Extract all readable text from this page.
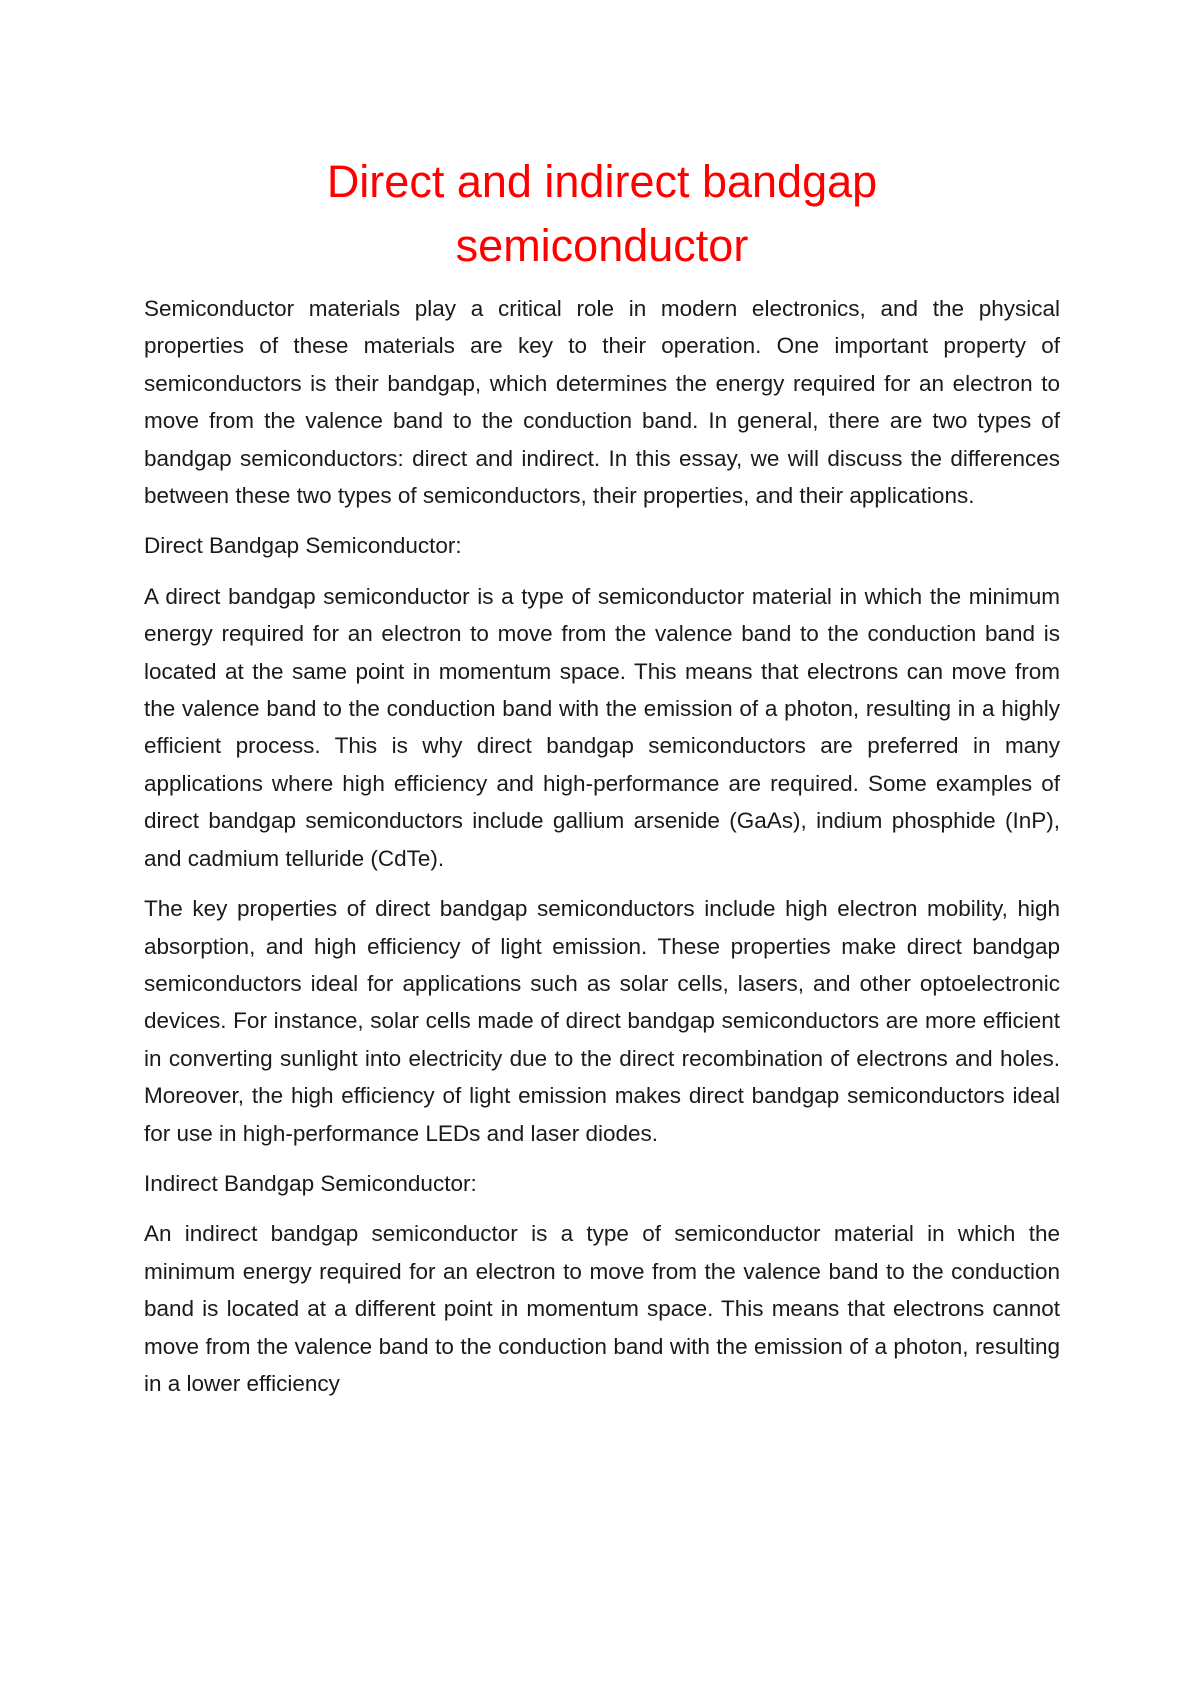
Direct and indirect bandgap
semiconductor

Semiconductor materials play a critical role in modern electronics, and the physical properties of these materials are key to their operation. One important property of semiconductors is their bandgap, which determines the energy required for an electron to move from the valence band to the conduction band. In general, there are two types of bandgap semiconductors: direct and indirect. In this essay, we will discuss the differences between these two types of semiconductors, their properties, and their applications.

Direct Bandgap Semiconductor:

A direct bandgap semiconductor is a type of semiconductor material in which the minimum energy required for an electron to move from the valence band to the conduction band is located at the same point in momentum space. This means that electrons can move from the valence band to the conduction band with the emission of a photon, resulting in a highly efficient process. This is why direct bandgap semiconductors are preferred in many applications where high efficiency and high-performance are required. Some examples of direct bandgap semiconductors include gallium arsenide (GaAs), indium phosphide (InP), and cadmium telluride (CdTe).

The key properties of direct bandgap semiconductors include high electron mobility, high absorption, and high efficiency of light emission. These properties make direct bandgap semiconductors ideal for applications such as solar cells, lasers, and other optoelectronic devices. For instance, solar cells made of direct bandgap semiconductors are more efficient in converting sunlight into electricity due to the direct recombination of electrons and holes. Moreover, the high efficiency of light emission makes direct bandgap semiconductors ideal for use in high-performance LEDs and laser diodes.

Indirect Bandgap Semiconductor:

An indirect bandgap semiconductor is a type of semiconductor material in which the minimum energy required for an electron to move from the valence band to the conduction band is located at a different point in momentum space. This means that electrons cannot move from the valence band to the conduction band with the emission of a photon, resulting in a lower efficiency
